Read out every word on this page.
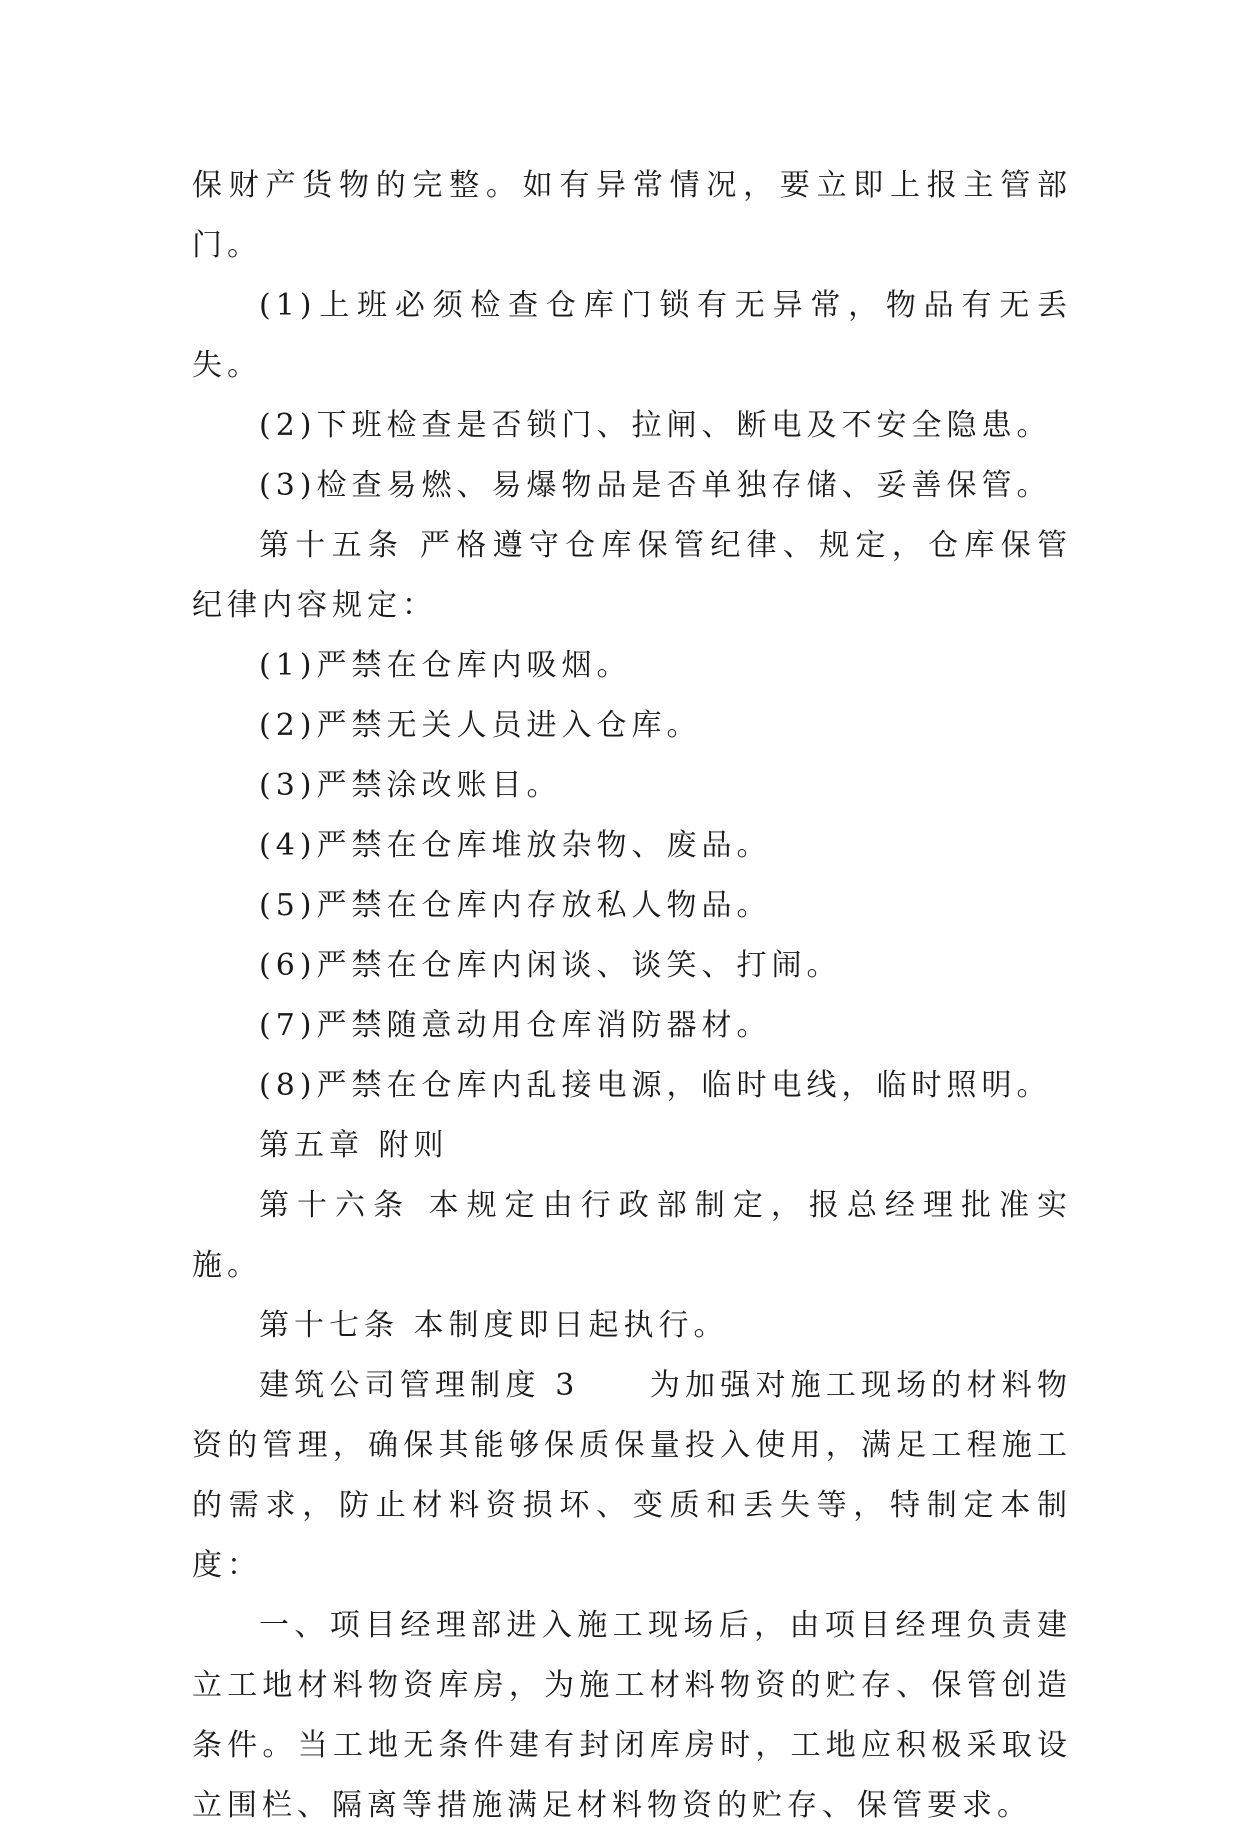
保财产货物的完整。如有异常情况，要立即上报主管部门。

(1)上班必须检查仓库门锁有无异常，物品有无丢失。

(2)下班检查是否锁门、拉闸、断电及不安全隐患。

(3)检查易燃、易爆物品是否单独存储、妥善保管。

第十五条 严格遵守仓库保管纪律、规定，仓库保管纪律内容规定：

(1)严禁在仓库内吸烟。

(2)严禁无关人员进入仓库。

(3)严禁涂改账目。

(4)严禁在仓库堆放杂物、废品。

(5)严禁在仓库内存放私人物品。

(6)严禁在仓库内闲谈、谈笑、打闹。

(7)严禁随意动用仓库消防器材。

(8)严禁在仓库内乱接电源，临时电线，临时照明。

第五章 附则

第十六条 本规定由行政部制定，报总经理批准实施。

第十七条 本制度即日起执行。

建筑公司管理制度 3　　为加强对施工现场的材料物资的管理，确保其能够保质保量投入使用，满足工程施工的需求，防止材料资损坏、变质和丢失等，特制定本制度：

一、项目经理部进入施工现场后，由项目经理负责建立工地材料物资库房，为施工材料物资的贮存、保管创造条件。当工地无条件建有封闭库房时，工地应积极采取设立围栏、隔离等措施满足材料物资的贮存、保管要求。
